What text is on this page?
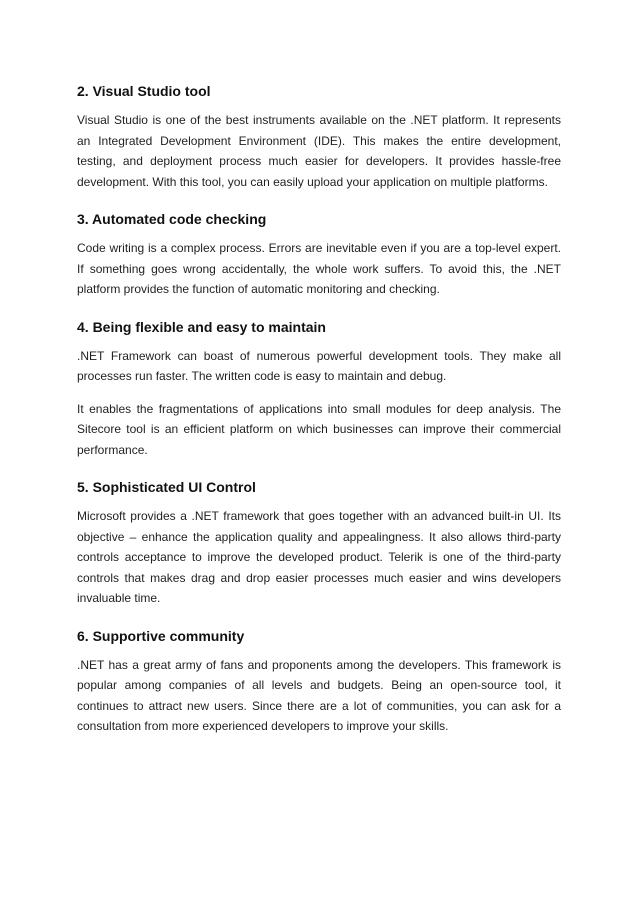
2. Visual Studio tool

Visual Studio is one of the best instruments available on the .NET platform. It represents an Integrated Development Environment (IDE). This makes the entire development, testing, and deployment process much easier for developers. It provides hassle-free development. With this tool, you can easily upload your application on multiple platforms.

3. Automated code checking

Code writing is a complex process. Errors are inevitable even if you are a top-level expert. If something goes wrong accidentally, the whole work suffers. To avoid this, the .NET platform provides the function of automatic monitoring and checking.

4. Being flexible and easy to maintain

.NET Framework can boast of numerous powerful development tools. They make all processes run faster. The written code is easy to maintain and debug.

It enables the fragmentations of applications into small modules for deep analysis. The Sitecore tool is an efficient platform on which businesses can improve their commercial performance.

5. Sophisticated UI Control

Microsoft provides a .NET framework that goes together with an advanced built-in UI. Its objective – enhance the application quality and appealingness. It also allows third-party controls acceptance to improve the developed product. Telerik is one of the third-party controls that makes drag and drop easier processes much easier and wins developers invaluable time.

6. Supportive community

.NET has a great army of fans and proponents among the developers. This framework is popular among companies of all levels and budgets. Being an open-source tool, it continues to attract new users. Since there are a lot of communities, you can ask for a consultation from more experienced developers to improve your skills.
